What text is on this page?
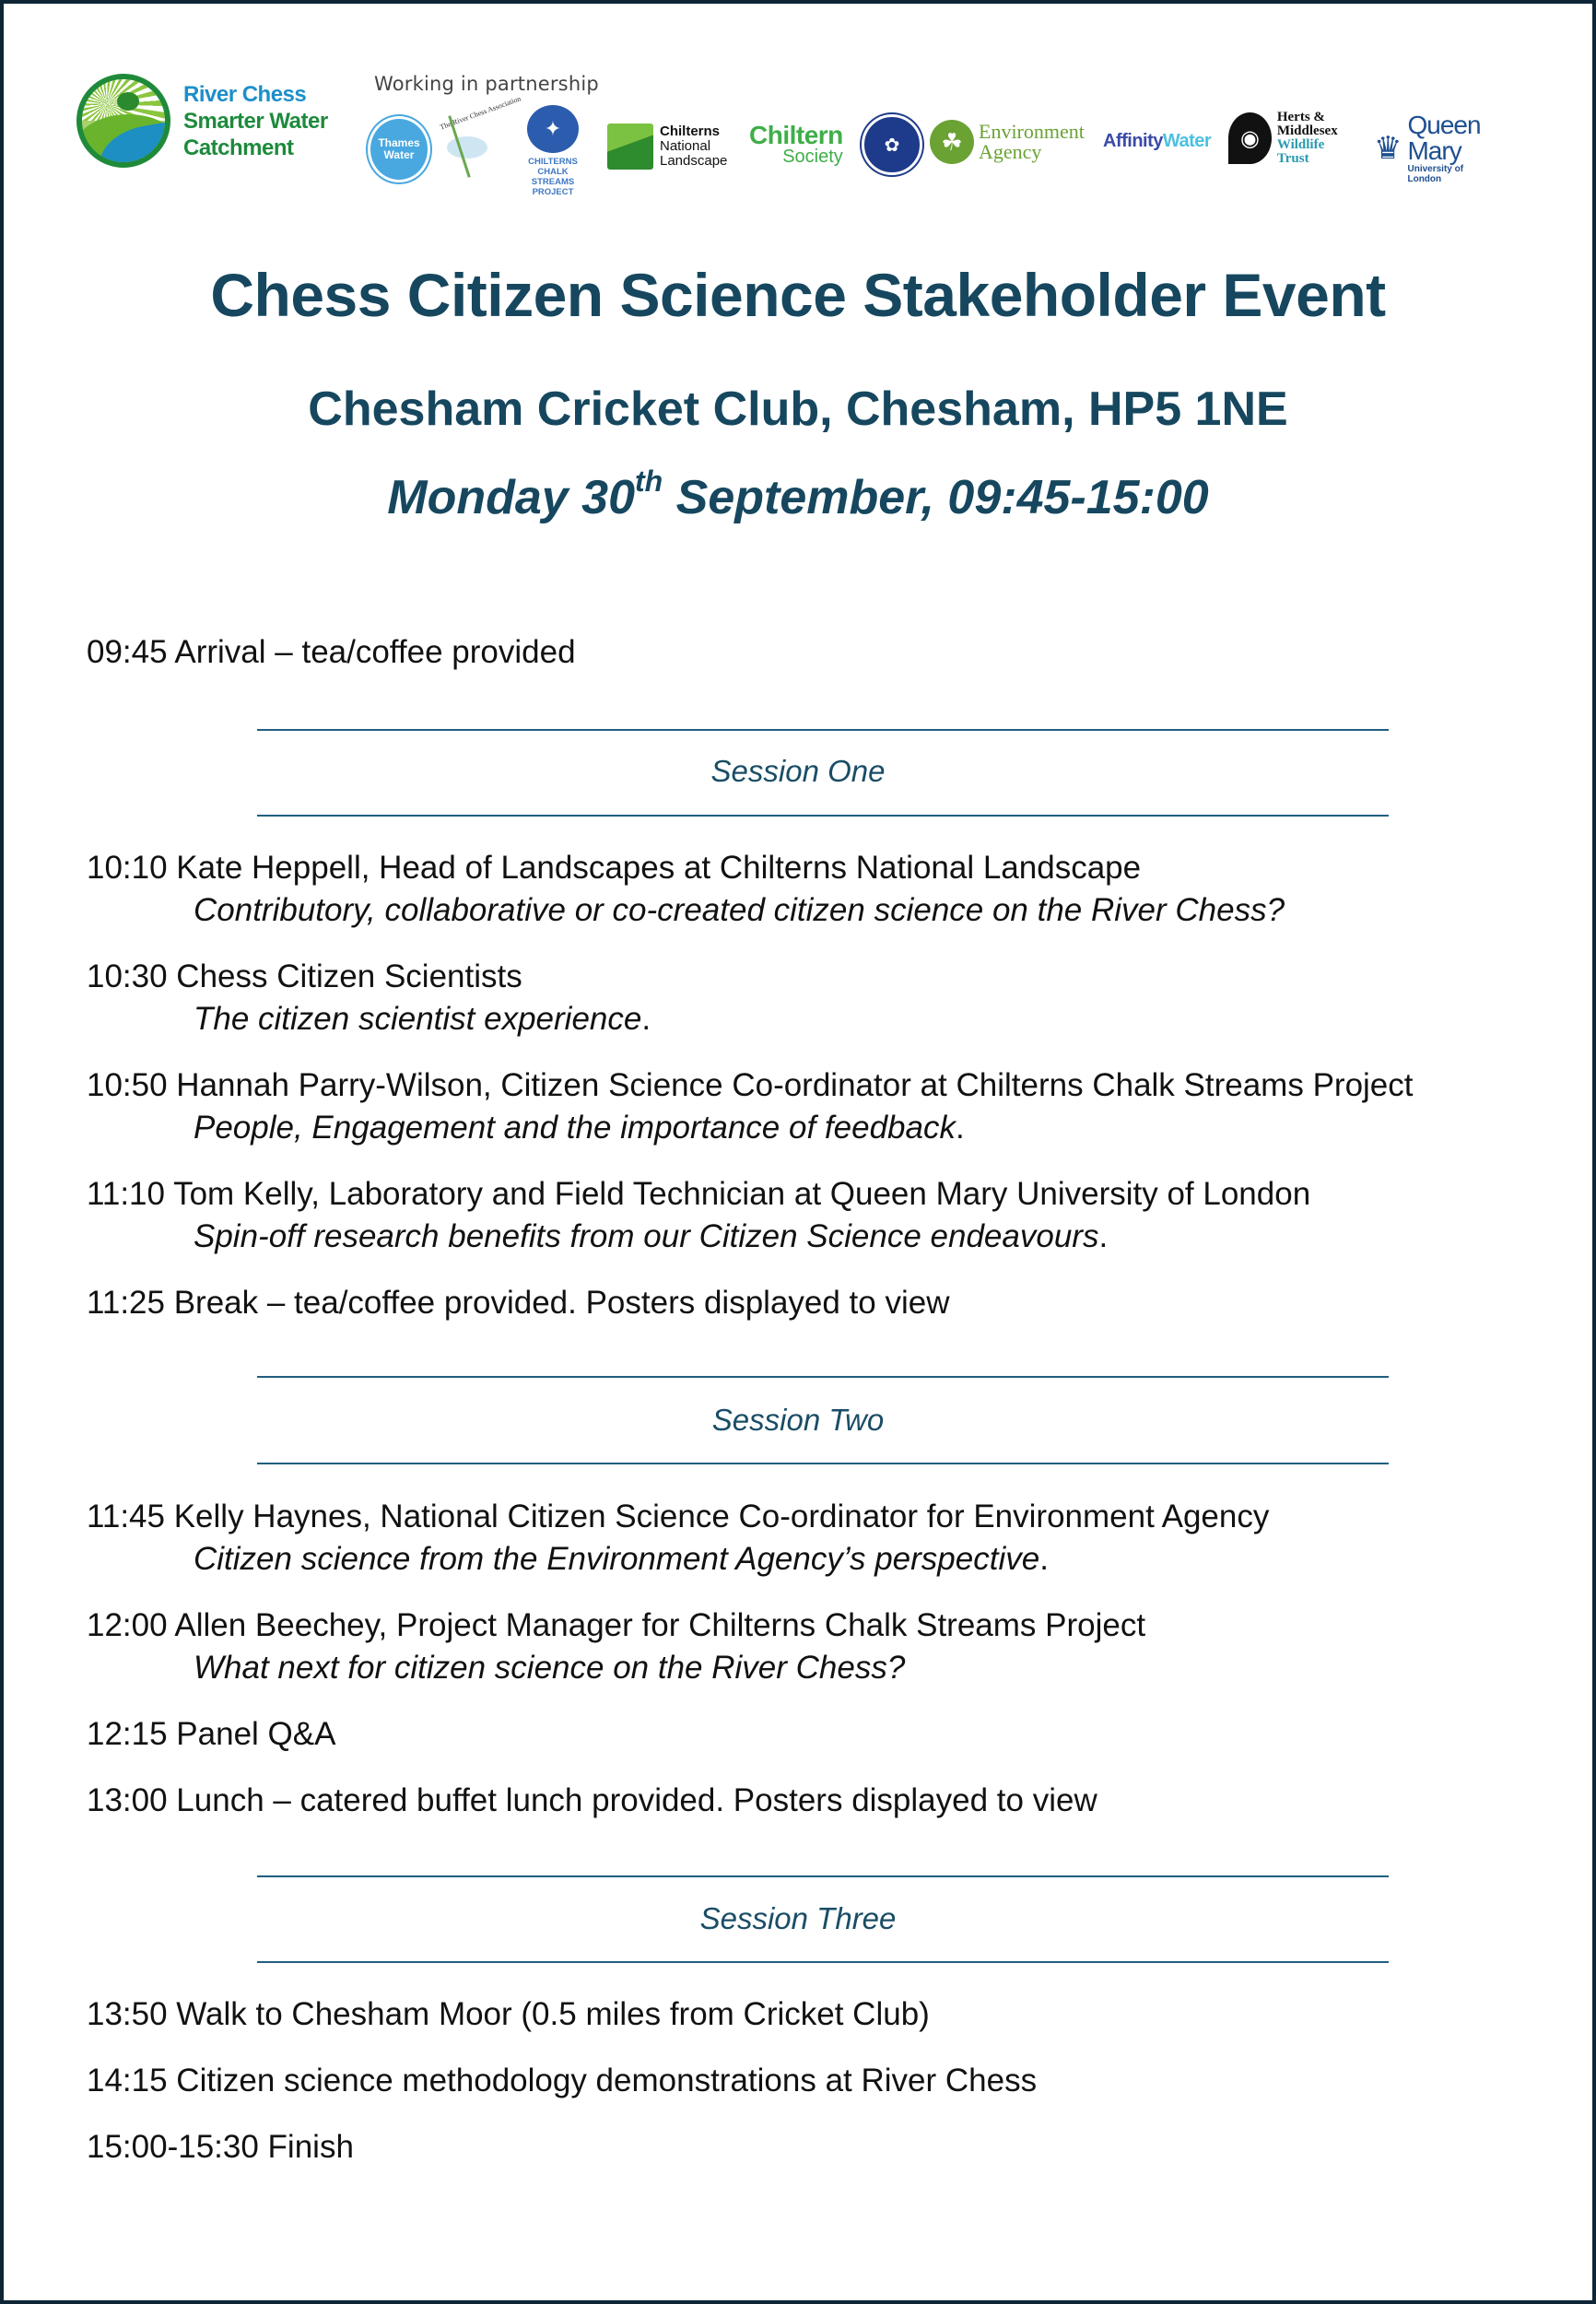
River Chess
Smarter Water
Catchment
Working in partnership
Thames
Water
The River Chess Association	✦
CHILTERNS
CHALK STREAMS
PROJECT
Chilterns
National
Landscape
Chiltern
Society
✿	☘ Environment
Agency	Affinity Water	◉
Herts &
Middlesex
Wildlife Trust	♛
Queen Mary
University of London
Chess Citizen Science Stakeholder Event
Chesham Cricket Club, Chesham, HP5 1NE
Monday 30th September, 09:45-15:00
09:45 Arrival – tea/coffee provided
Session One
10:10 Kate Heppell, Head of Landscapes at Chilterns National Landscape
Contributory, collaborative or co-created citizen science on the River Chess?
10:30 Chess Citizen Scientists
The citizen scientist experience.
10:50 Hannah Parry-Wilson, Citizen Science Co-ordinator at Chilterns Chalk Streams Project
People, Engagement and the importance of feedback.
11:10 Tom Kelly, Laboratory and Field Technician at Queen Mary University of London
Spin-off research benefits from our Citizen Science endeavours.
11:25 Break – tea/coffee provided. Posters displayed to view
Session Two
11:45 Kelly Haynes, National Citizen Science Co-ordinator for Environment Agency
Citizen science from the Environment Agency’s perspective.
12:00 Allen Beechey, Project Manager for Chilterns Chalk Streams Project
What next for citizen science on the River Chess?
12:15 Panel Q&A
13:00 Lunch – catered buffet lunch provided. Posters displayed to view
Session Three
13:50 Walk to Chesham Moor (0.5 miles from Cricket Club)
14:15 Citizen science methodology demonstrations at River Chess
15:00-15:30 Finish
